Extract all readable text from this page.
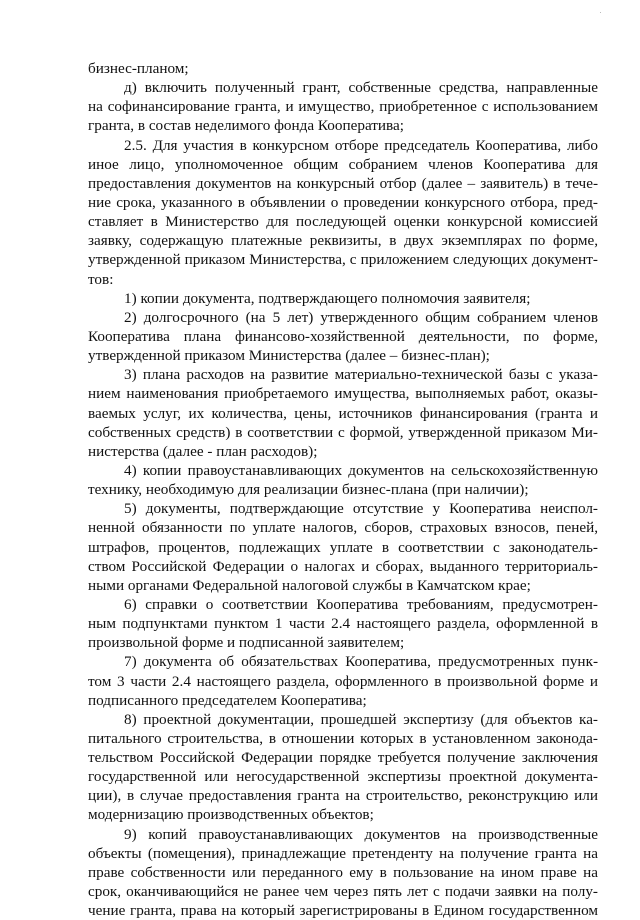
бизнес-планом;
д) включить полученный грант, собственные средства, направленные
на софинансирование гранта, и имущество, приобретенное с использованием
гранта, в состав неделимого фонда Кооператива;
2.5. Для участия в конкурсном отборе председатель Кооператива, либо
иное лицо, уполномоченное общим собранием членов Кооператива для
предоставления документов на конкурсный отбор (далее – заявитель) в тече-
ние срока, указанного в объявлении о проведении конкурсного отбора, пред-
ставляет в Министерство для последующей оценки конкурсной комиссией
заявку, содержащую платежные реквизиты, в двух экземплярах по форме,
утвержденной приказом Министерства, с приложением следующих документ-
тов:
1) копии документа, подтверждающего полномочия заявителя;
2) долгосрочного (на 5 лет) утвержденного общим собранием членов
Кооператива плана финансово-хозяйственной деятельности, по форме,
утвержденной приказом Министерства (далее – бизнес-план);
3) плана расходов на развитие материально-технической базы с указа-
нием наименования приобретаемого имущества, выполняемых работ, оказы-
ваемых услуг, их количества, цены, источников финансирования (гранта и
собственных средств) в соответствии с формой, утвержденной приказом Ми-
нистерства (далее - план расходов);
4) копии правоустанавливающих документов на сельскохозяйственную
технику, необходимую для реализации бизнес-плана (при наличии);
5) документы, подтверждающие отсутствие у Кооператива неиспол-
ненной обязанности по уплате налогов, сборов, страховых взносов, пеней,
штрафов, процентов, подлежащих уплате в соответствии с законодатель-
ством Российской Федерации о налогах и сборах, выданного территориаль-
ными органами Федеральной налоговой службы в Камчатском крае;
6) справки о соответствии Кооператива требованиям, предусмотрен-
ным подпунктами пунктом 1 части 2.4 настоящего раздела, оформленной в
произвольной форме и подписанной заявителем;
7) документа об обязательствах Кооператива, предусмотренных пунк-
том 3 части 2.4 настоящего раздела, оформленного в произвольной форме и
подписанного председателем Кооператива;
8) проектной документации, прошедшей экспертизу (для объектов ка-
питального строительства, в отношении которых в установленном законода-
тельством Российской Федерации порядке требуется получение заключения
государственной или негосударственной экспертизы проектной документа-
ции), в случае предоставления гранта на строительство, реконструкцию или
модернизацию производственных объектов;
9) копий правоустанавливающих документов на производственные
объекты (помещения), принадлежащие претенденту на получение гранта на
праве собственности или переданного ему в пользование на ином праве на
срок, оканчивающийся не ранее чем через пять лет с подачи заявки на полу-
чение гранта, права на который зарегистрированы в Едином государственном
